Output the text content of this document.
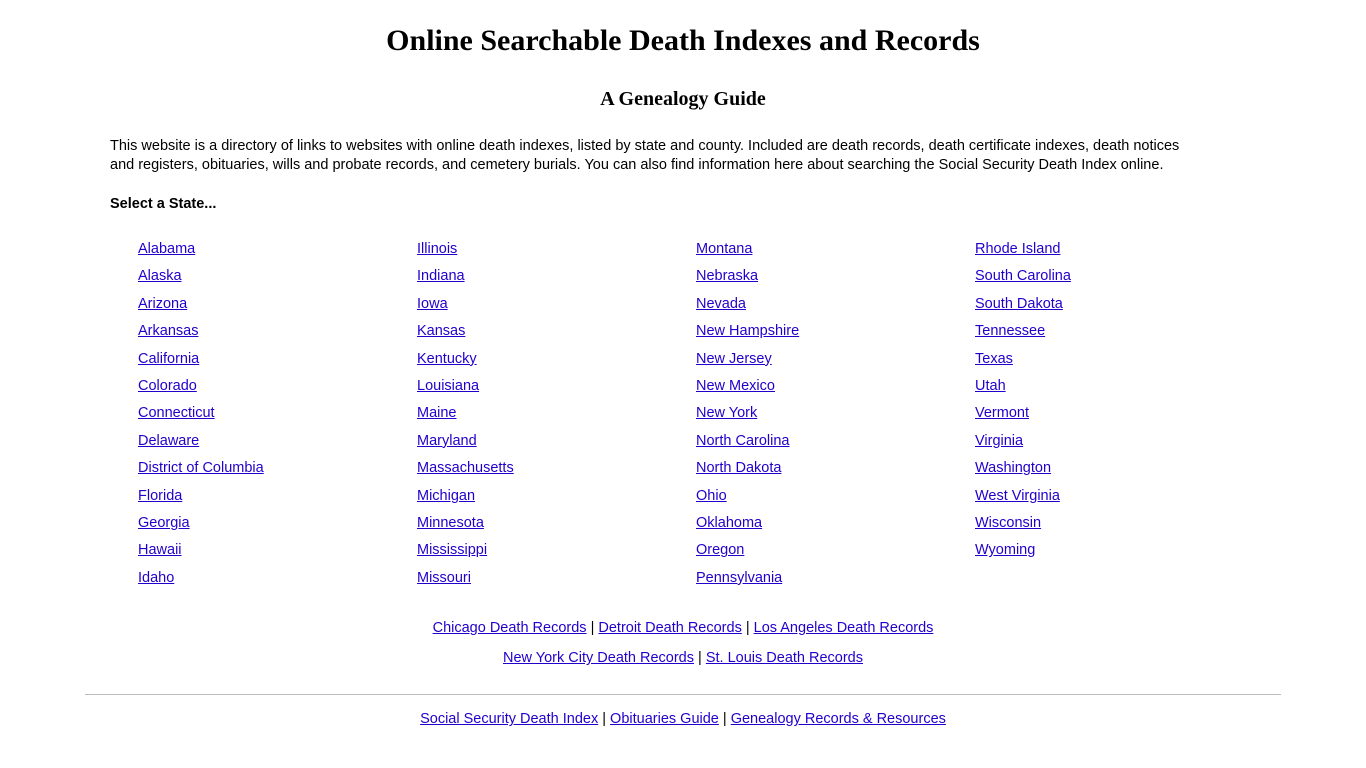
Online Searchable Death Indexes and Records
A Genealogy Guide

This website is a directory of links to websites with online death indexes, listed by state and county. Included are death records, death certificate indexes, death notices and registers, obituaries, wills and probate records, and cemetery burials. You can also find information here about searching the Social Security Death Index online.

Select a State...
Alabama
Alaska
Arizona
Arkansas
California
Colorado
Connecticut
Delaware
District of Columbia
Florida
Georgia
Hawaii
Idaho
Illinois
Indiana
Iowa
Kansas
Kentucky
Louisiana
Maine
Maryland
Massachusetts
Michigan
Minnesota
Mississippi
Missouri
Montana
Nebraska
Nevada
New Hampshire
New Jersey
New Mexico
New York
North Carolina
North Dakota
Ohio
Oklahoma
Oregon
Pennsylvania
Rhode Island
South Carolina
South Dakota
Tennessee
Texas
Utah
Vermont
Virginia
Washington
West Virginia
Wisconsin
Wyoming
Chicago Death Records | Detroit Death Records | Los Angeles Death Records
New York City Death Records | St. Louis Death Records
Social Security Death Index | Obituaries Guide | Genealogy Records & Resources
